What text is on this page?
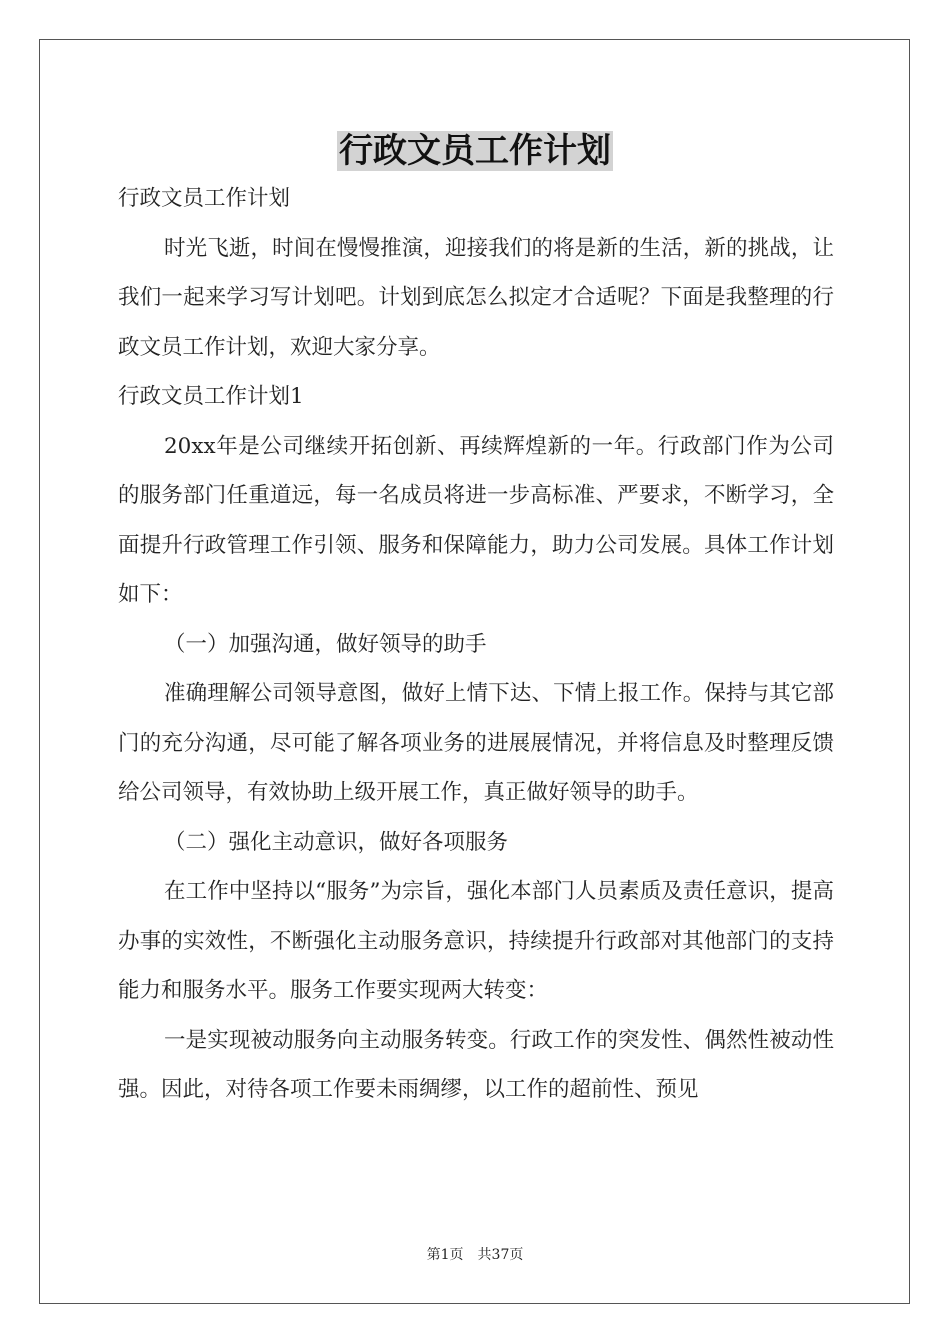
行政文员工作计划

行政文员工作计划

时光飞逝，时间在慢慢推演，迎接我们的将是新的生活，新的挑战，让我们一起来学习写计划吧。计划到底怎么拟定才合适呢？下面是我整理的行政文员工作计划，欢迎大家分享。

行政文员工作计划1

20xx年是公司继续开拓创新、再续辉煌新的一年。行政部门作为公司的服务部门任重道远，每一名成员将进一步高标准、严要求，不断学习，全面提升行政管理工作引领、服务和保障能力，助力公司发展。具体工作计划如下：

（一）加强沟通，做好领导的助手

准确理解公司领导意图，做好上情下达、下情上报工作。保持与其它部门的充分沟通，尽可能了解各项业务的进展展情况，并将信息及时整理反馈给公司领导，有效协助上级开展工作，真正做好领导的助手。

（二）强化主动意识，做好各项服务

在工作中坚持以“服务”为宗旨，强化本部门人员素质及责任意识，提高办事的实效性，不断强化主动服务意识，持续提升行政部对其他部门的支持能力和服务水平。服务工作要实现两大转变：

一是实现被动服务向主动服务转变。行政工作的突发性、偶然性被动性强。因此，对待各项工作要未雨绸缪，以工作的超前性、预见

第1页 共37页
